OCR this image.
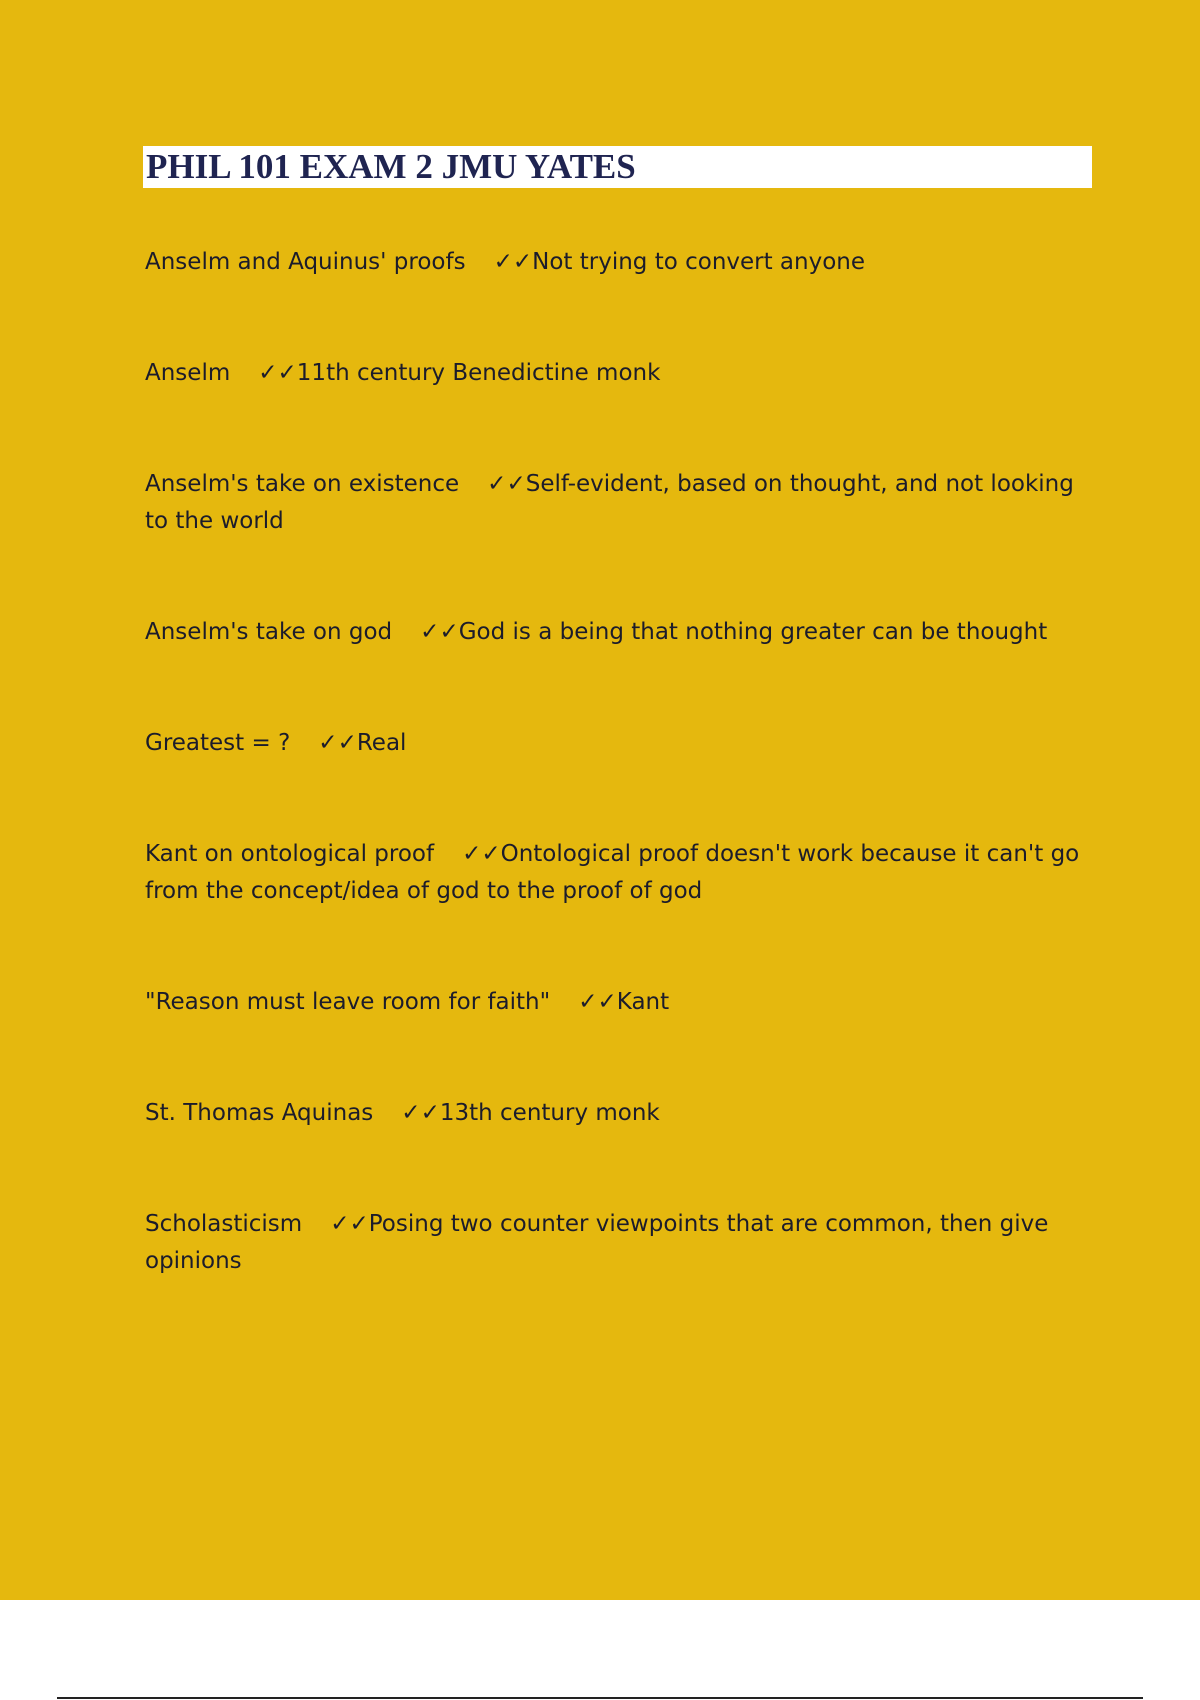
PHIL 101 EXAM 2 JMU YATES
Anselm and Aquinus' proofs ✓✓Not trying to convert anyone
Anselm ✓✓11th century Benedictine monk
Anselm's take on existence ✓✓Self-evident, based on thought, and not looking to the world
Anselm's take on god ✓✓God is a being that nothing greater can be thought
Greatest = ? ✓✓Real
Kant on ontological proof ✓✓Ontological proof doesn't work because it can't go from the concept/idea of god to the proof of god
"Reason must leave room for faith" ✓✓Kant
St. Thomas Aquinas ✓✓13th century monk
Scholasticism ✓✓Posing two counter viewpoints that are common, then give opinions
